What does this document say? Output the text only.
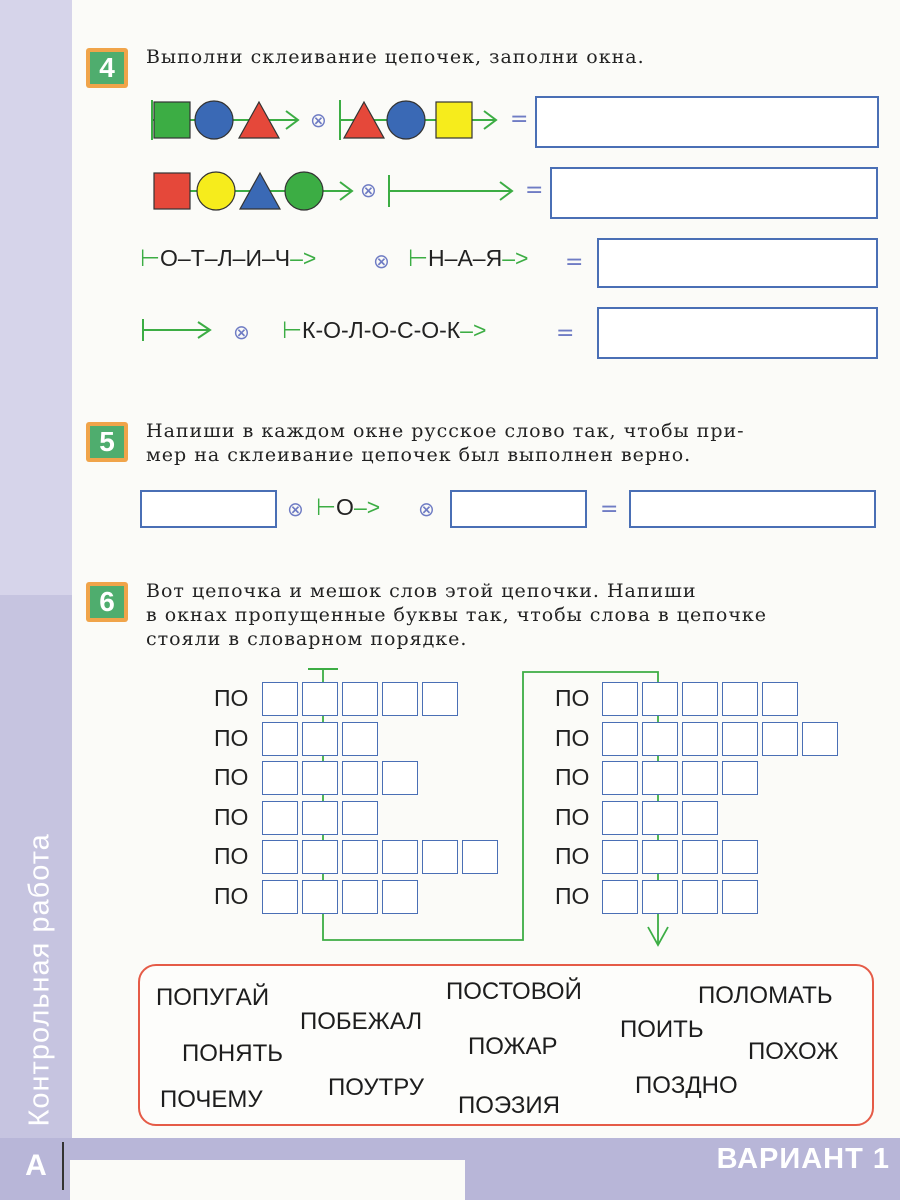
Контрольная работа
А	ВАРИАНТ 1
4	Выполни склеивание цепочек, заполни окна.
⊗	=
⊗	=
⊢О–Т–Л–И–Ч–>	⊗ ⊢Н–А–Я–> =
⊗ ⊢К-О-Л-О-С-О-К–>	=
5	Напиши в каждом окне русское слово так, чтобы при-
мер на склеивание цепочек был выполнен верно.
⊗ ⊢О–> ⊗	=
6	Вот цепочка и мешок слов этой цепочки. Напиши
в окнах пропущенные буквы так, чтобы слова в цепочке
стояли в словарном порядке.
ПО
ПО
ПО
ПО
ПО
ПО
ПО
ПО
ПО
ПО
ПО
ПО
ПОПУГАЙ	ПОСТОВОЙ	ПОЛОМАТЬ
ПОБЕЖАЛ	ПОИТЬ
ПОНЯТЬ	ПОЖАР	ПОХОЖ
ПОЗДНО
ПОЧЕМУ	ПОУТРУ
ПОЭЗИЯ
